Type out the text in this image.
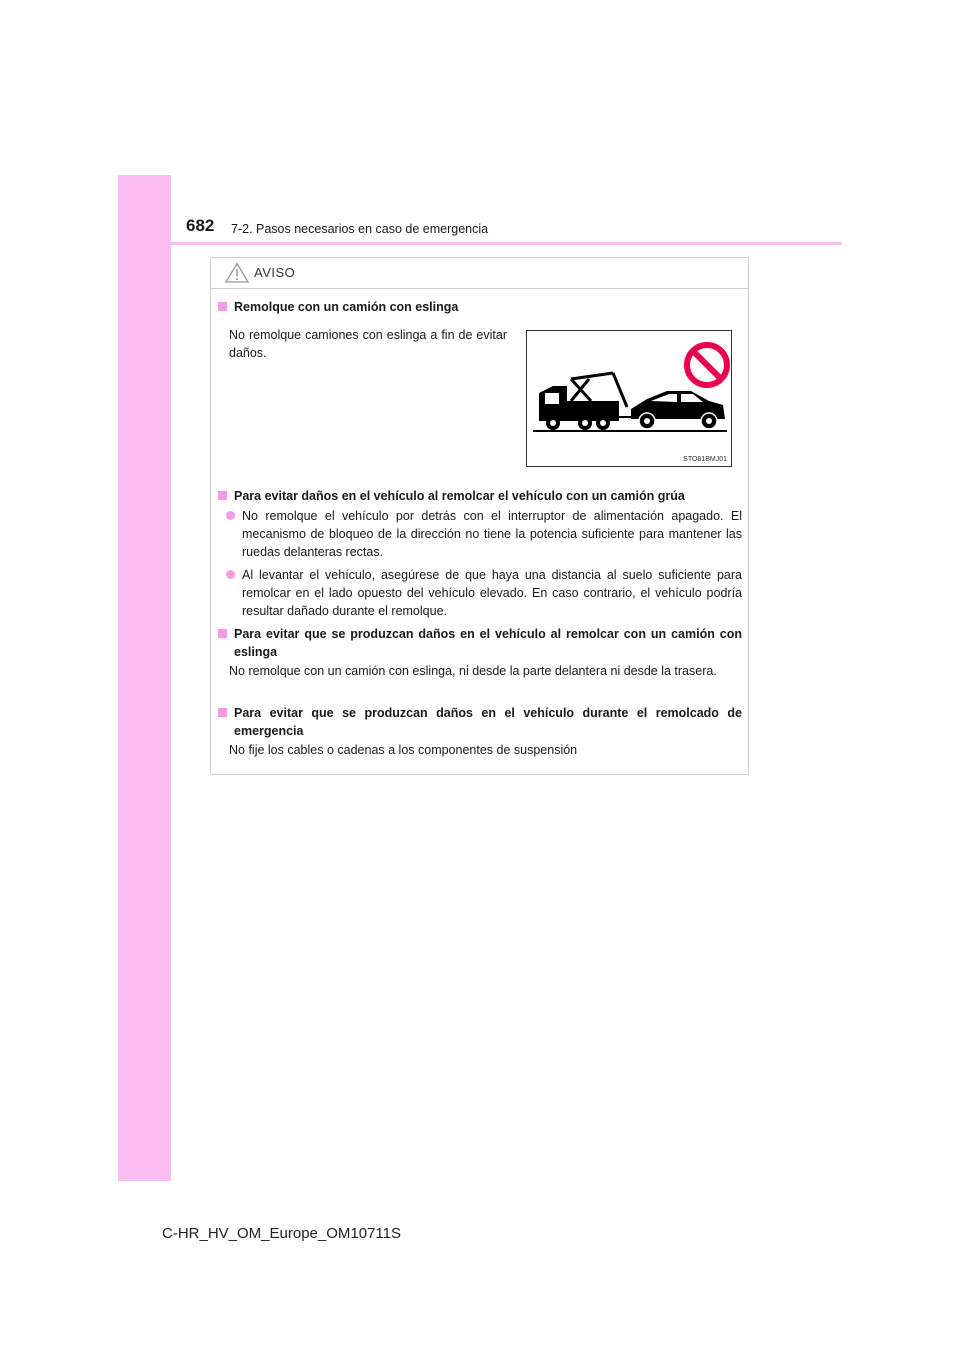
682 7-2. Pasos necesarios en caso de emergencia
AVISO
Remolque con un camión con eslinga
No remolque camiones con eslinga a fin de evitar daños.
STO81BMJ01
Para evitar daños en el vehículo al remolcar el vehículo con un camión grúa
No remolque el vehículo por detrás con el interruptor de alimentación apagado. El mecanismo de bloqueo de la dirección no tiene la potencia suficiente para mantener las ruedas delanteras rectas.
Al levantar el vehículo, asegúrese de que haya una distancia al suelo suficiente para remolcar en el lado opuesto del vehículo elevado. En caso contrario, el vehículo podría resultar dañado durante el remolque.
Para evitar que se produzcan daños en el vehículo al remolcar con un camión con eslinga
No remolque con un camión con eslinga, ni desde la parte delantera ni desde la trasera.
Para evitar que se produzcan daños en el vehículo durante el remolcado de emergencia
No fije los cables o cadenas a los componentes de suspensión
C-HR_HV_OM_Europe_OM10711S
